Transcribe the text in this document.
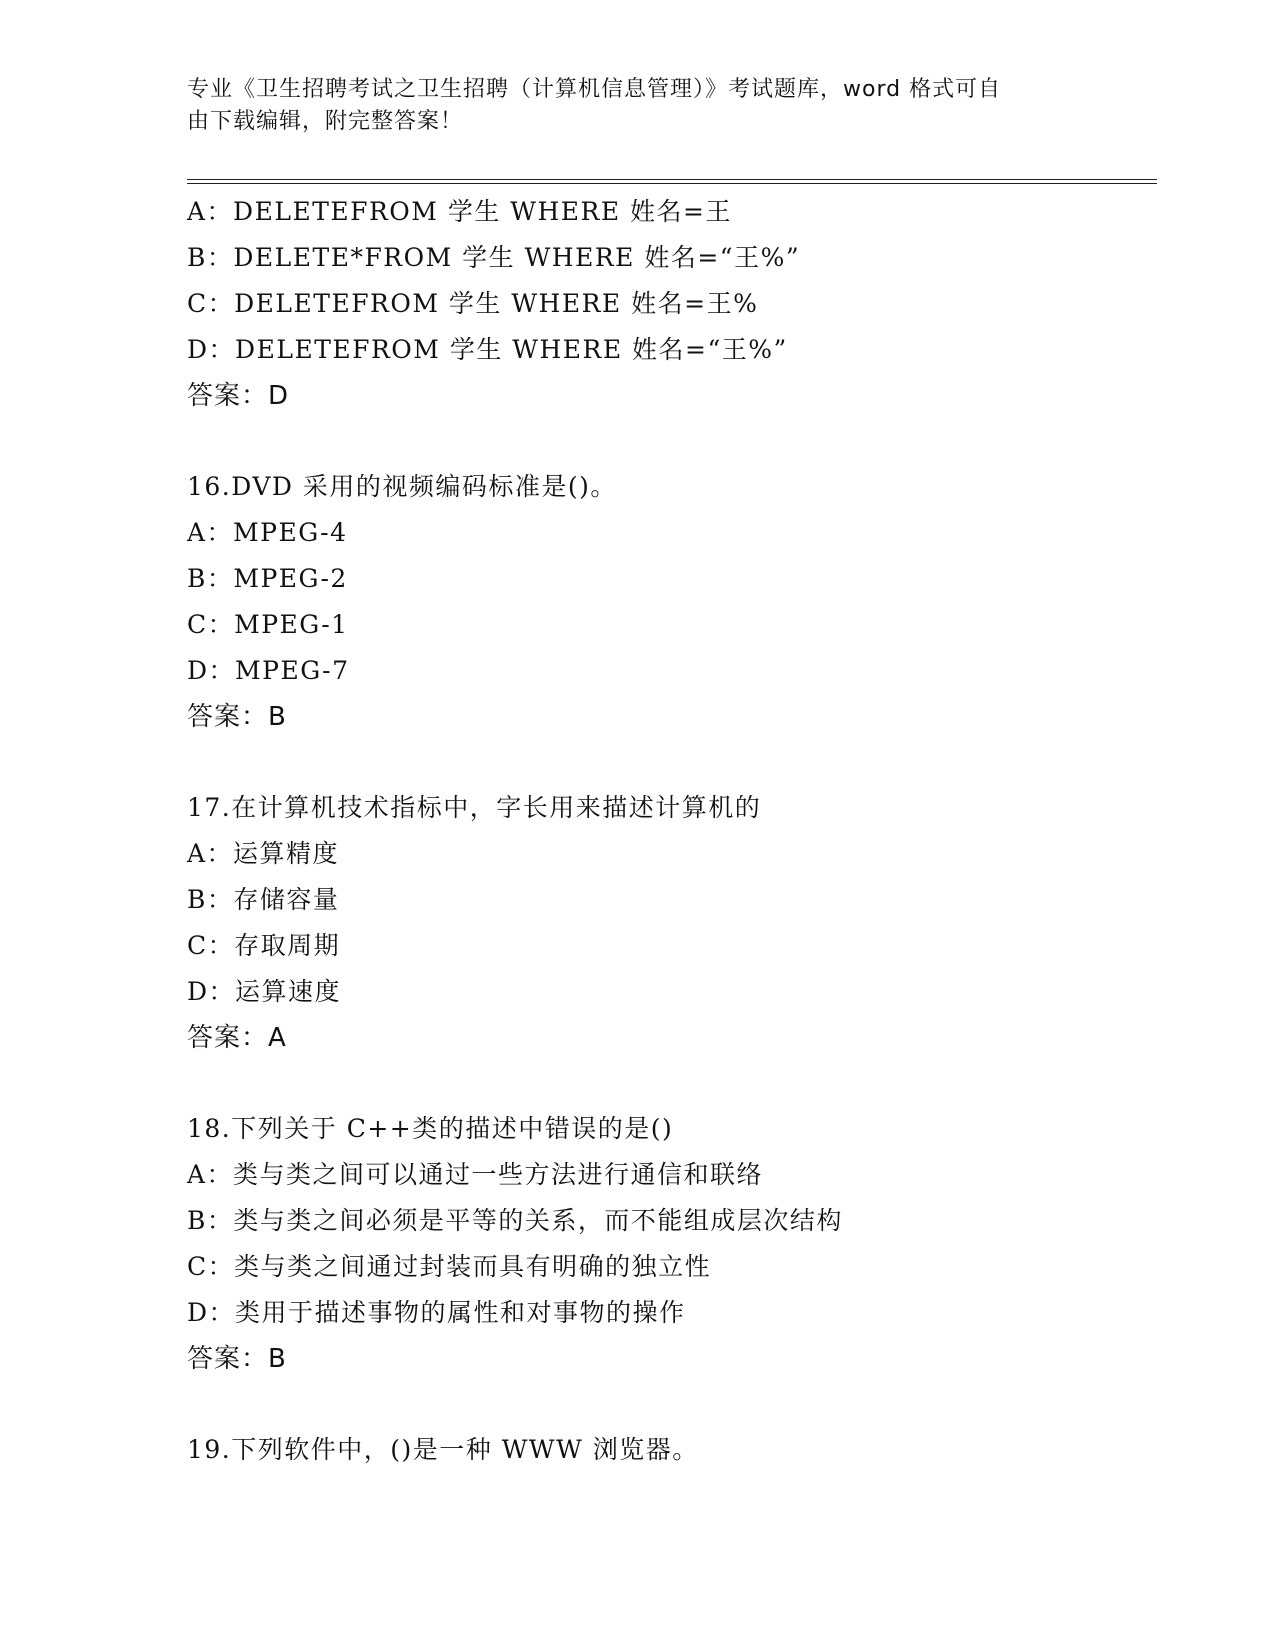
专业《卫生招聘考试之卫生招聘（计算机信息管理）》考试题库，word 格式可自
由下载编辑，附完整答案！
A：DELETEFROM 学生 WHERE 姓名=王
B：DELETE*FROM 学生 WHERE 姓名=“王%”
C：DELETEFROM 学生 WHERE 姓名=王%
D：DELETEFROM 学生 WHERE 姓名=“王%”
答案：D
16.DVD 采用的视频编码标准是()。
A：MPEG-4
B：MPEG-2
C：MPEG-1
D：MPEG-7
答案：B
17.在计算机技术指标中，字长用来描述计算机的
A：运算精度
B：存储容量
C：存取周期
D：运算速度
答案：A
18.下列关于 C++类的描述中错误的是()
A：类与类之间可以通过一些方法进行通信和联络
B：类与类之间必须是平等的关系，而不能组成层次结构
C：类与类之间通过封装而具有明确的独立性
D：类用于描述事物的属性和对事物的操作
答案：B
19.下列软件中，()是一种 WWW 浏览器。
